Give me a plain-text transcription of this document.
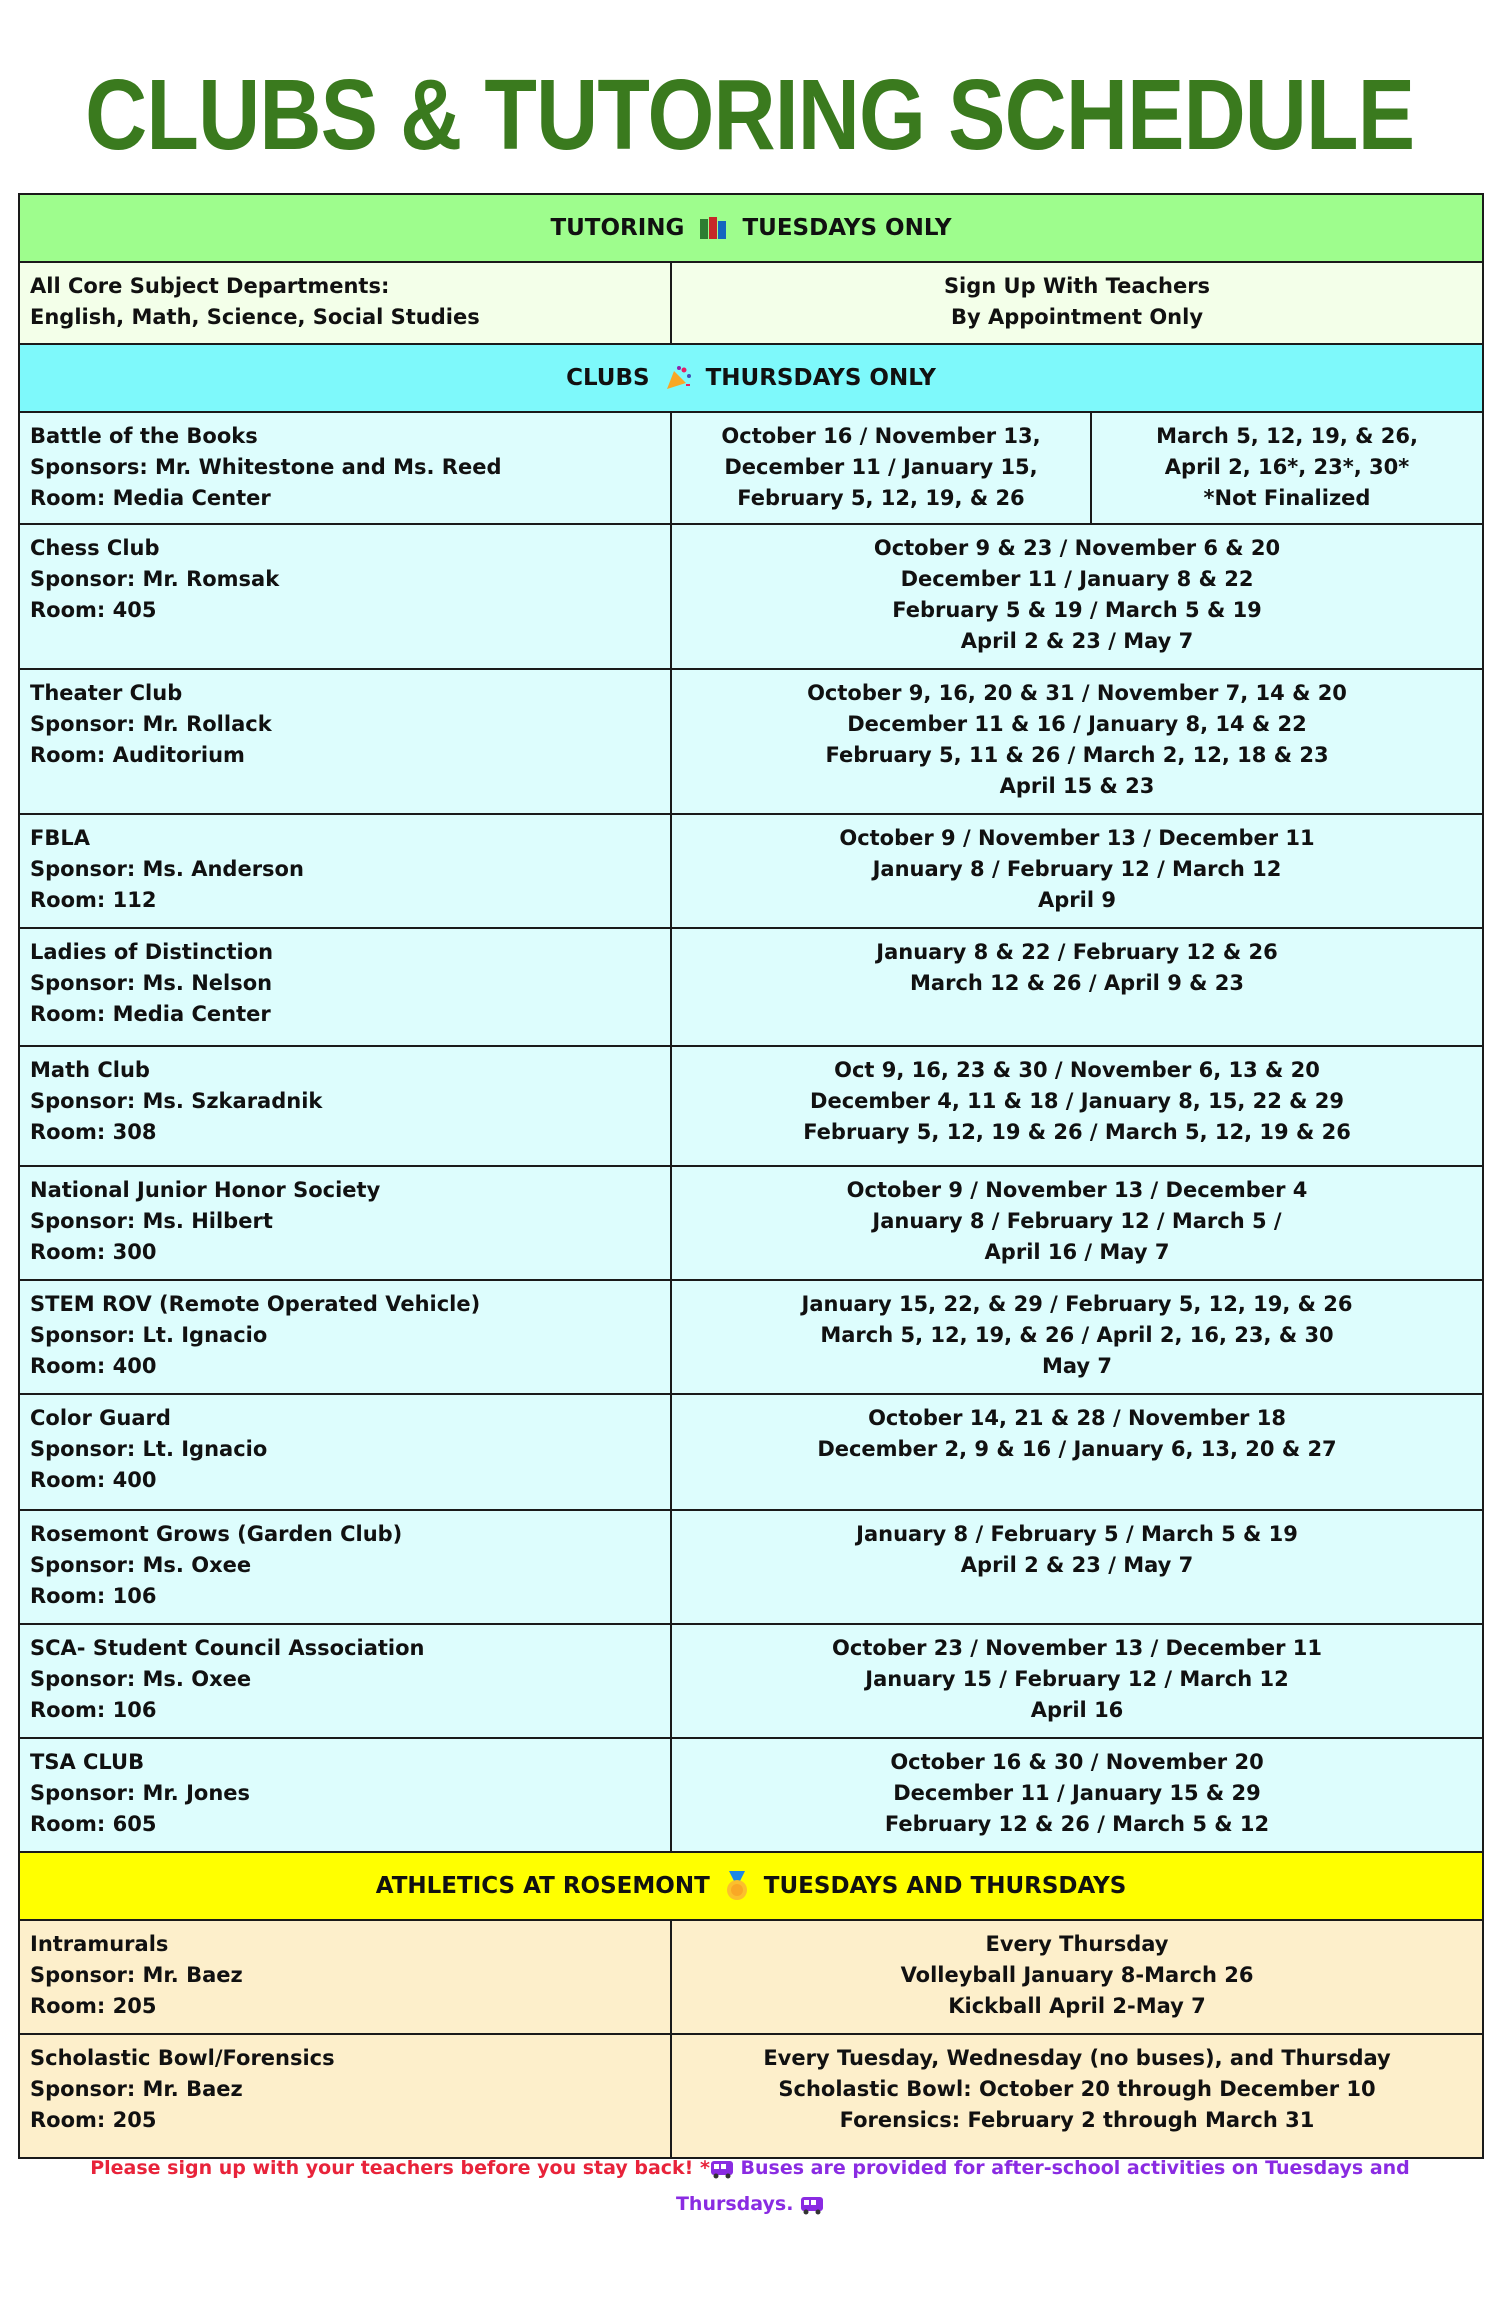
CLUBS & TUTORING SCHEDULE
TUTORING TUESDAYS ONLY		

All Core Subject Departments:
English, Math, Science, Social Studies	Sign Up With Teachers
By Appointment Only	

CLUBS THURSDAYS ONLY		

Battle of the Books
Sponsors: Mr. Whitestone and Ms. Reed
Room: Media Center	October 16 / November 13,
December 11 / January 15,
February 5, 12, 19, & 26	March 5, 12, 19, & 26,
April 2, 16*, 23*, 30*
*Not Finalized

Chess Club
Sponsor: Mr. Romsak
Room: 405	October 9 & 23 / November 6 & 20
December 11 / January 8 & 22
February 5 & 19 / March 5 & 19
April 2 & 23 / May 7	

Theater Club
Sponsor: Mr. Rollack
Room: Auditorium	October 9, 16, 20 & 31 / November 7, 14 & 20
December 11 & 16 / January 8, 14 & 22
February 5, 11 & 26 / March 2, 12, 18 & 23
April 15 & 23	

FBLA
Sponsor: Ms. Anderson
Room: 112	October 9 / November 13 / December 11
January 8 / February 12 / March 12
April 9	

Ladies of Distinction
Sponsor: Ms. Nelson
Room: Media Center	January 8 & 22 / February 12 & 26
March 12 & 26 / April 9 & 23	

Math Club
Sponsor: Ms. Szkaradnik
Room: 308	Oct 9, 16, 23 & 30 / November 6, 13 & 20
December 4, 11 & 18 / January 8, 15, 22 & 29
February 5, 12, 19 & 26 / March 5, 12, 19 & 26	

National Junior Honor Society
Sponsor: Ms. Hilbert
Room: 300	October 9 / November 13 / December 4
January 8 / February 12 / March 5 /
April 16 / May 7	

STEM ROV (Remote Operated Vehicle)
Sponsor: Lt. Ignacio
Room: 400	January 15, 22, & 29 / February 5, 12, 19, & 26
March 5, 12, 19, & 26 / April 2, 16, 23, & 30
May 7	

Color Guard
Sponsor: Lt. Ignacio
Room: 400	October 14, 21 & 28 / November 18
December 2, 9 & 16 / January 6, 13, 20 & 27	

Rosemont Grows (Garden Club)
Sponsor: Ms. Oxee
Room: 106	January 8 / February 5 / March 5 & 19
April 2 & 23 / May 7	

SCA- Student Council Association
Sponsor: Ms. Oxee
Room: 106	October 23 / November 13 / December 11
January 15 / February 12 / March 12
April 16	

TSA CLUB
Sponsor: Mr. Jones
Room: 605	October 16 & 30 / November 20
December 11 / January 15 & 29
February 12 & 26 / March 5 & 12	

ATHLETICS AT ROSEMONT TUESDAYS AND THURSDAYS		

Intramurals
Sponsor: Mr. Baez
Room: 205	Every Thursday
Volleyball January 8-March 26
Kickball April 2-May 7	

Scholastic Bowl/Forensics
Sponsor: Mr. Baez
Room: 205	Every Tuesday, Wednesday (no buses), and Thursday
Scholastic Bowl: October 20 through December 10
Forensics: February 2 through March 31	
Please sign up with your teachers before you stay back! * Buses are provided for after-school activities on Tuesdays and
Thursdays.
